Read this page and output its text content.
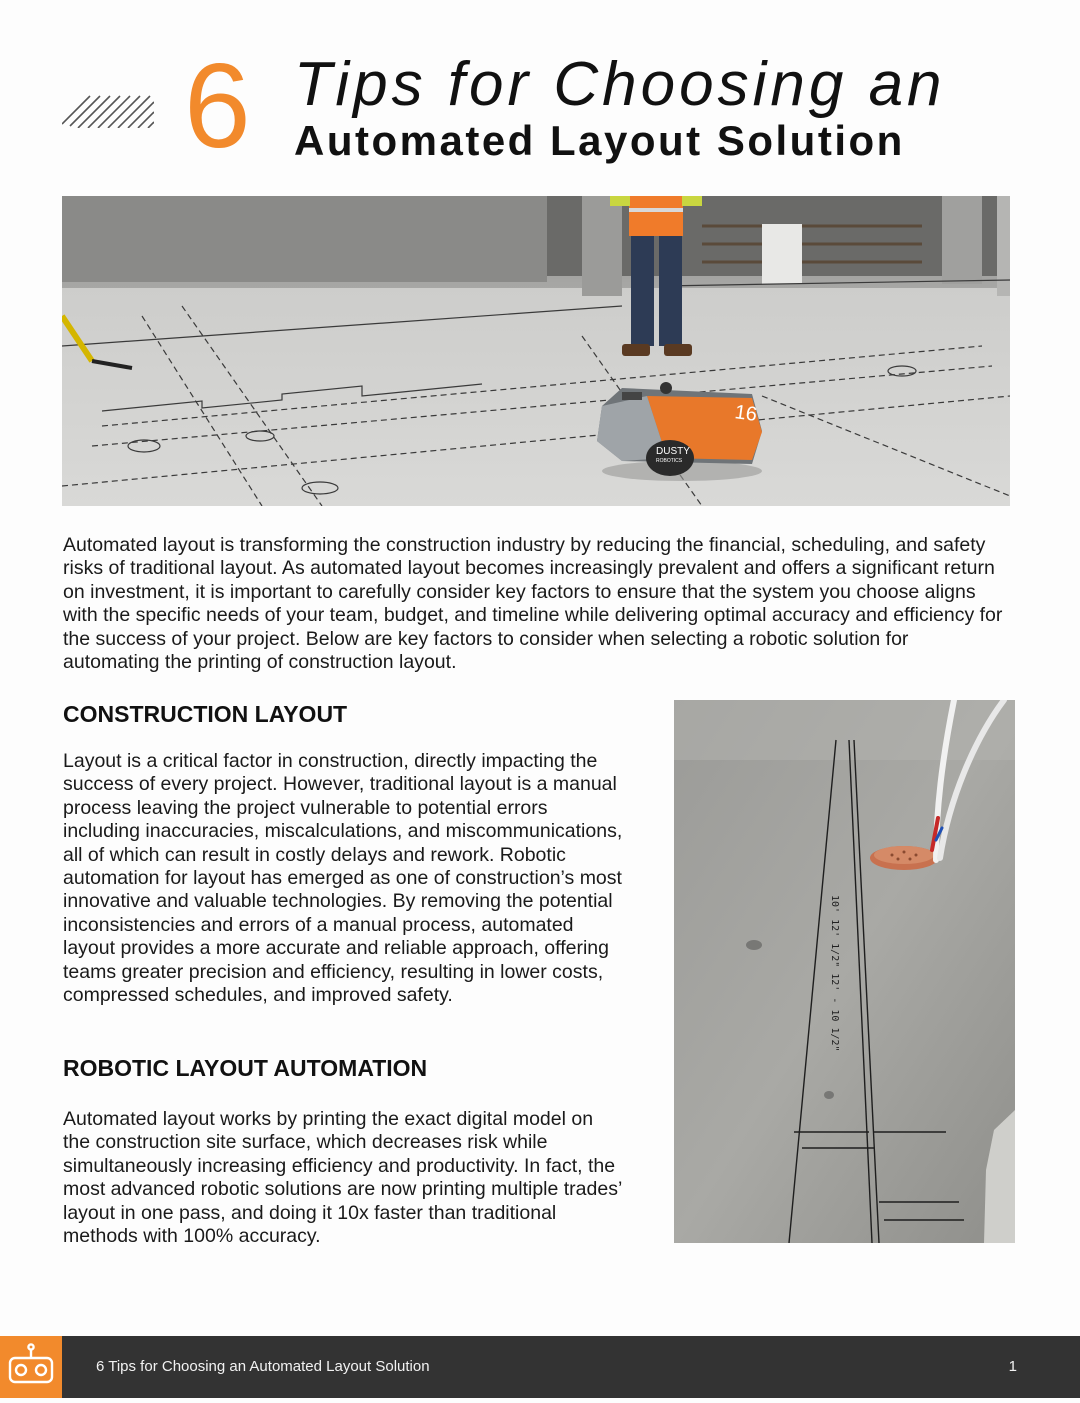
6 Tips for Choosing an
Automated Layout Solution
16
DUSTY
ROBOTICS

Automated layout is transforming the construction industry by reducing the financial, scheduling, and safety risks of traditional layout. As automated layout becomes increasingly prevalent and offers a significant return on investment, it is important to carefully consider key factors to ensure that the system you choose aligns with the specific needs of your team, budget, and timeline while delivering optimal accuracy and efficiency for the success of your project. Below are key factors to consider when selecting a robotic solution for automating the printing of construction layout.

CONSTRUCTION LAYOUT

Layout is a critical factor in construction, directly impacting the success of every project. However, traditional layout is a manual process leaving the project vulnerable to potential errors including inaccuracies, miscalculations, and miscommunications, all of which can result in costly delays and rework. Robotic automation for layout has emerged as one of construction’s most innovative and valuable technologies. By removing the potential inconsistencies and errors of a manual process, automated layout provides a more accurate and reliable approach, offering teams greater precision and efficiency, resulting in lower costs, compressed schedules, and improved safety.

ROBOTIC LAYOUT AUTOMATION

Automated layout works by printing the exact digital model on the construction site surface, which decreases risk while simultaneously increasing efficiency and productivity. In fact, the most advanced robotic solutions are now printing multiple trades’ layout in one pass, and doing it 10x faster than traditional methods with 100% accuracy.

10' 12' 1/2" 12' - 10 1/2"
6 Tips for Choosing an Automated Layout Solution	1
